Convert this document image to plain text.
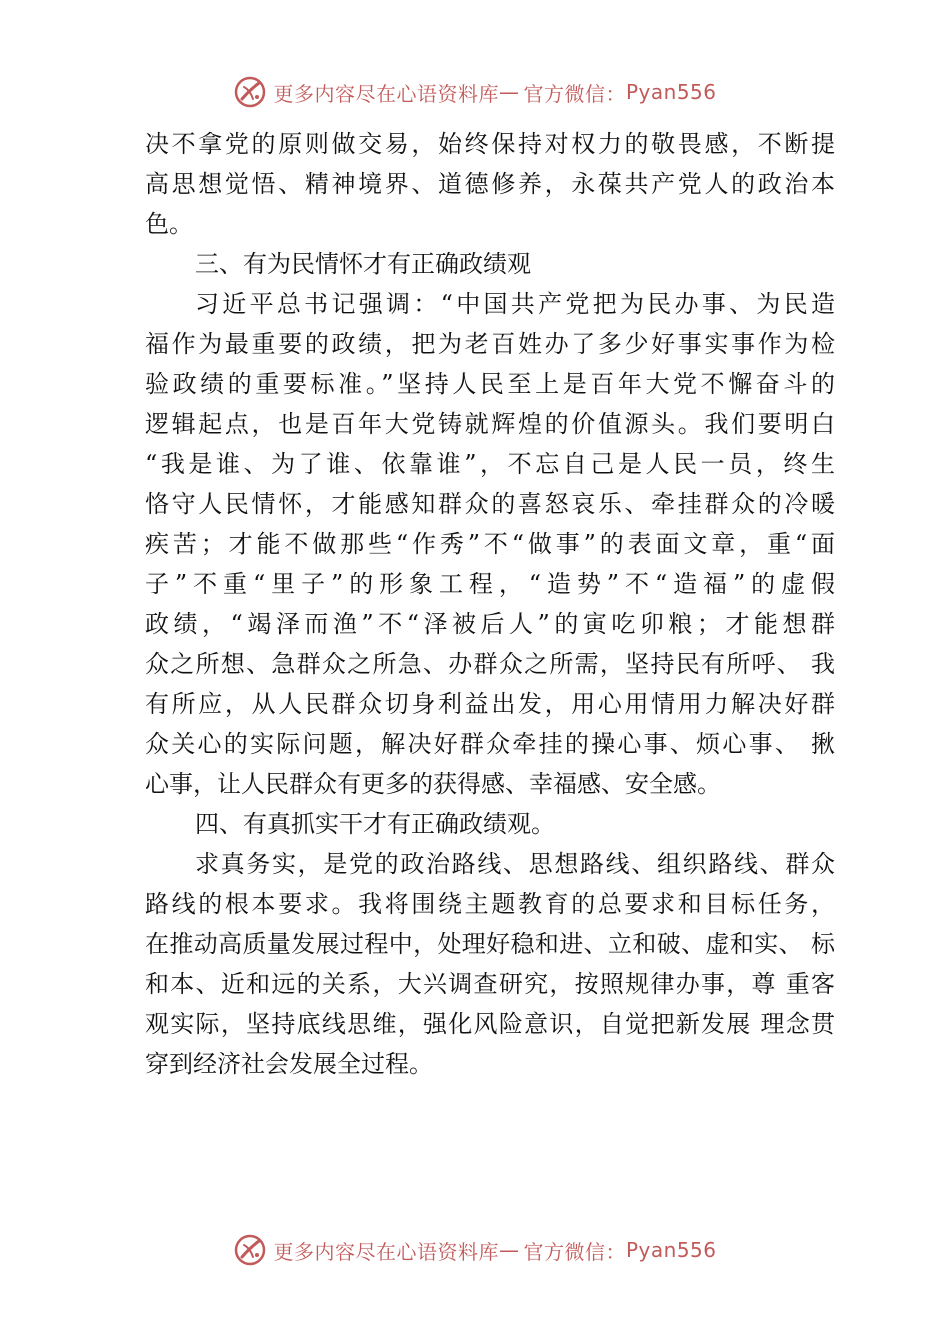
更多内容尽在心语资料库 — 官方微信： Pyan556
决不拿党的原则做交易，始终保持对权力的敬畏感，不断提
高思想觉悟、精神境界、道德修养，永葆共产党人的政治本
色。
三、有为民情怀才有正确政绩观
习近平总书记强调：“中国共产党把为民办事、为民造
福作为最重要的政绩，把为老百姓办了多少好事实事作为检
验政绩的重要标准。”坚持人民至上是百年大党不懈奋斗的
逻辑起点，也是百年大党铸就辉煌的价值源头。我们要明白
“我是谁、为了谁、依靠谁”，不忘自己是人民一员，终生
恪守人民情怀，才能感知群众的喜怒哀乐、牵挂群众的冷暖
疾苦；才能不做那些“作秀”不“做事”的表面文章，重“面
子”不重“里子”的形象工程，“造势”不“造福”的虚假
政绩，“竭泽而渔”不“泽被后人”的寅吃卯粮；才能想群
众之所想、急群众之所急、办群众之所需，坚持民有所呼、 我
有所应，从人民群众切身利益出发，用心用情用力解决好群
众关心的实际问题，解决好群众牵挂的操心事、烦心事、 揪
心事，让人民群众有更多的获得感、幸福感、安全感。
四、有真抓实干才有正确政绩观。
求真务实，是党的政治路线、思想路线、组织路线、群众
路线的根本要求。我将围绕主题教育的总要求和目标任务，
在推动高质量发展过程中，处理好稳和进、立和破、虚和实、 标
和本、近和远的关系，大兴调查研究，按照规律办事，尊 重客
观实际，坚持底线思维，强化风险意识，自觉把新发展 理念贯
穿到经济社会发展全过程。
更多内容尽在心语资料库 — 官方微信： Pyan556
